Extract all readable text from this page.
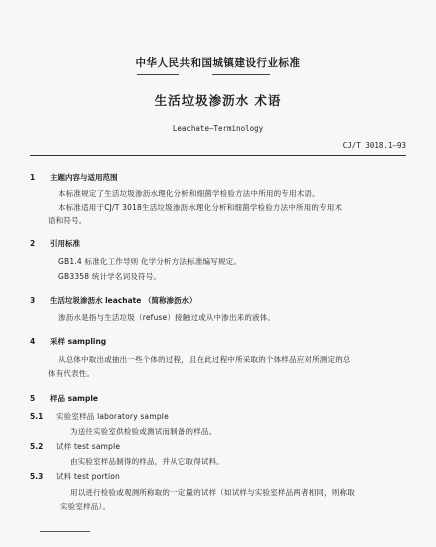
中华人民共和国城镇建设行业标准
生活垃圾渗沥水 术语
Leachate—Terminology
CJ/T 3018.1—93
1 主题内容与适用范围
本标准规定了生活垃圾渗沥水理化分析和细菌学检验方法中所用的专用术语。
本标准适用于CJ/T 3018生活垃圾渗沥水理化分析和细菌学检验方法中所用的专用术
语和符号。
2 引用标准
GB1.4 标准化工作导则 化学分析方法标准编写规定。
GB3358 统计学名词及符号。
3 生活垃圾渗沥水 leachate （简称渗沥水）
渗沥水是指与生活垃圾（refuse）接触过或从中渗出来的液体。
4 采样 sampling
从总体中取出或抽出一些个体的过程，且在此过程中所采取的个体样品应对所测定的总
体有代表性。
5 样品 sample
5.1 实验室样品 laboratory sample
为送往实验室供检验或测试而制备的样品。
5.2 试样 test sample
由实验室样品制得的样品，并从它取得试料。
5.3 试料 test portion
用以进行检验或观测所称取的一定量的试样（如试样与实验室样品两者相同，则称取
实验室样品）。
